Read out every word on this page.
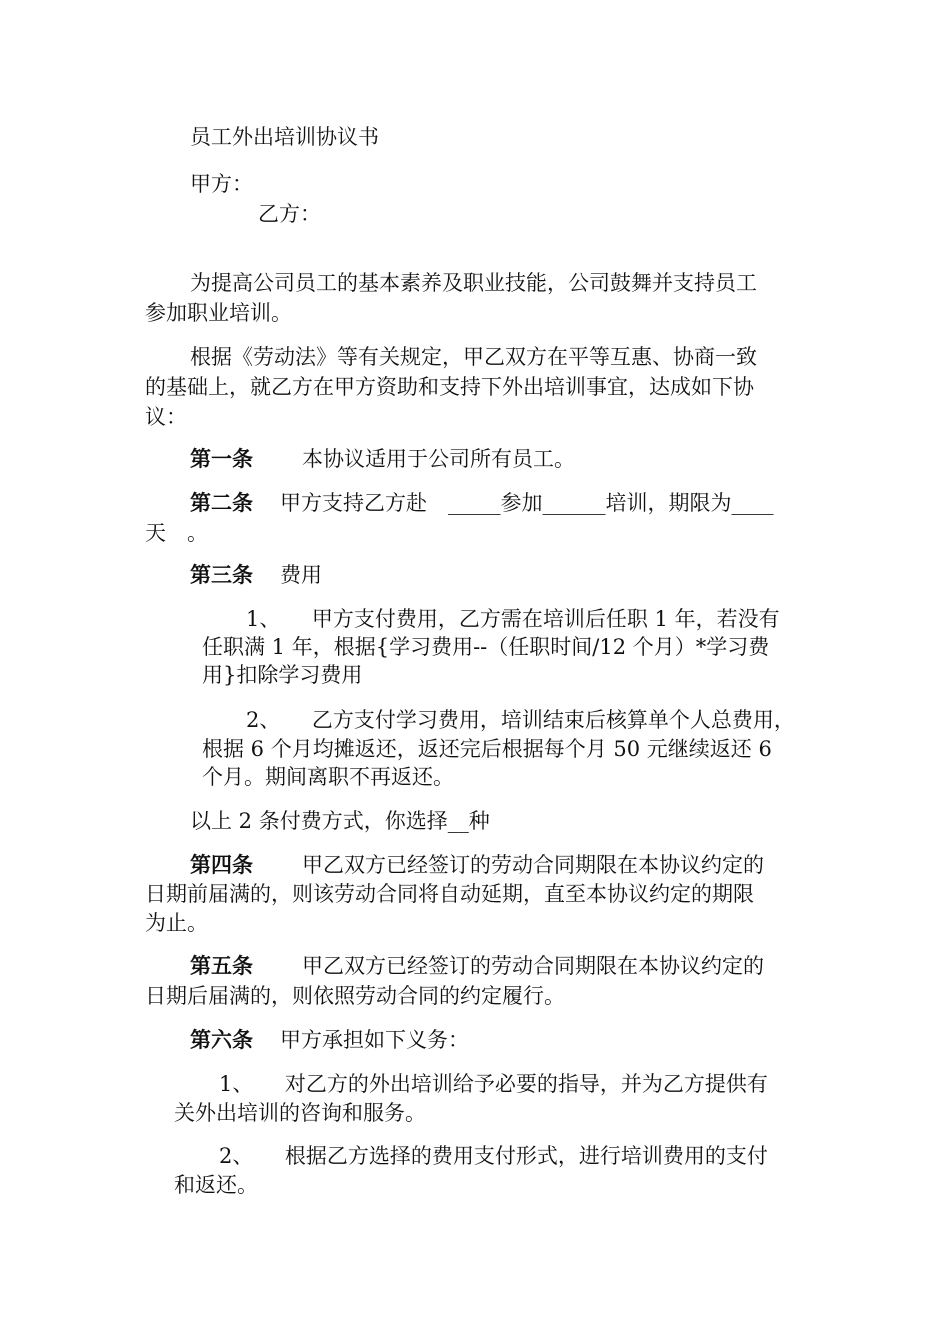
员工外出培训协议书
甲方：
乙方：
为提高公司员工的基本素养及职业技能，公司鼓舞并支持员工
参加职业培训。
根据《劳动法》等有关规定，甲乙双方在平等互惠、协商一致
的基础上，就乙方在甲方资助和支持下外出培训事宜，达成如下协
议：
第一条 本协议适用于公司所有员工。
第二条 甲方支持乙方赴　_____参加______培训，期限为____
天　。
第三条 费用
1、　　甲方支付费用，乙方需在培训后任职 1 年，若没有
任职满 1 年，根据{学习费用--（任职时间/12 个月）*学习费
用}扣除学习费用
2、　　乙方支付学习费用，培训结束后核算单个人总费用，
根据 6 个月均摊返还，返还完后根据每个月 50 元继续返还 6
个月。期间离职不再返还。
以上 2 条付费方式，你选择__种
第四条 甲乙双方已经签订的劳动合同期限在本协议约定的
日期前届满的，则该劳动合同将自动延期，直至本协议约定的期限
为止。
第五条 甲乙双方已经签订的劳动合同期限在本协议约定的
日期后届满的，则依照劳动合同的约定履行。
第六条 甲方承担如下义务：
1、　　对乙方的外出培训给予必要的指导，并为乙方提供有
关外出培训的咨询和服务。
2、　　根据乙方选择的费用支付形式，进行培训费用的支付
和返还。
